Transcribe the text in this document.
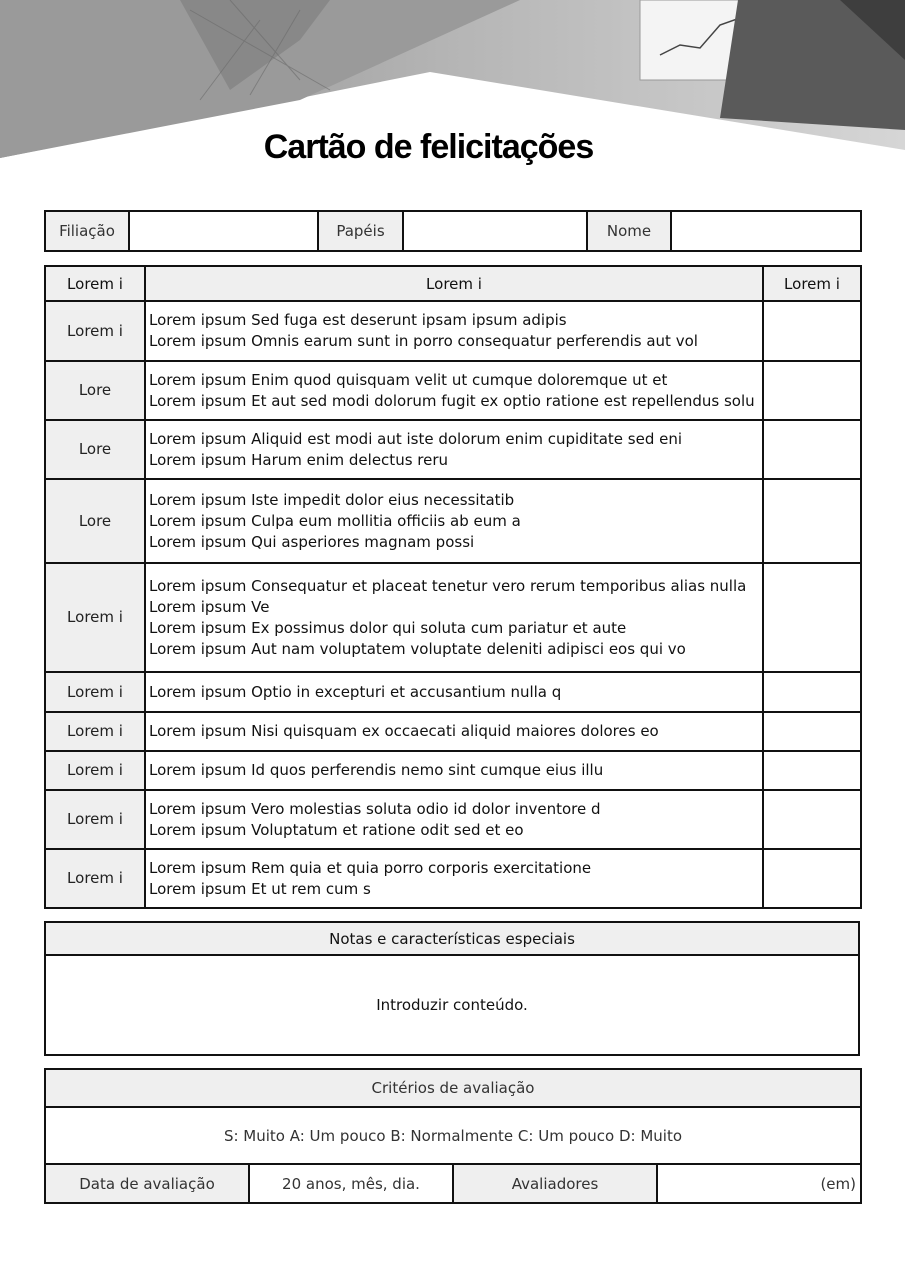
Cartão de felicitações
Filiação		Papéis		Nome	
Lorem i	Lorem i	Lorem i
Lorem i	Lorem ipsum Sed fuga est deserunt ipsam ipsum adipis
Lorem ipsum Omnis earum sunt in porro consequatur perferendis aut vol	

Lore	Lorem ipsum Enim quod quisquam velit ut cumque doloremque ut et
Lorem ipsum Et aut sed modi dolorum fugit ex optio ratione est repellendus solu	

Lore	Lorem ipsum Aliquid est modi aut iste dolorum enim cupiditate sed eni
Lorem ipsum Harum enim delectus reru	

Lore	Lorem ipsum Iste impedit dolor eius necessitatib
Lorem ipsum Culpa eum mollitia officiis ab eum a
Lorem ipsum Qui asperiores magnam possi	

Lorem i	Lorem ipsum Consequatur et placeat tenetur vero rerum temporibus alias nulla
Lorem ipsum Ve
Lorem ipsum Ex possimus dolor qui soluta cum pariatur et aute
Lorem ipsum Aut nam voluptatem voluptate deleniti adipisci eos qui vo	

Lorem i	Lorem ipsum Optio in excepturi et accusantium nulla q	

Lorem i	Lorem ipsum Nisi quisquam ex occaecati aliquid maiores dolores eo	

Lorem i	Lorem ipsum Id quos perferendis nemo sint cumque eius illu	

Lorem i	Lorem ipsum Vero molestias soluta odio id dolor inventore d
Lorem ipsum Voluptatum et ratione odit sed et eo	

Lorem i	Lorem ipsum Rem quia et quia porro corporis exercitatione
Lorem ipsum Et ut rem cum s	

Notas e características especiais
Introduzir conteúdo.
Critérios de avaliação
S: Muito A: Um pouco B: Normalmente C: Um pouco D: Muito
Data de avaliação	20 anos, mês, dia.	Avaliadores	(em)
